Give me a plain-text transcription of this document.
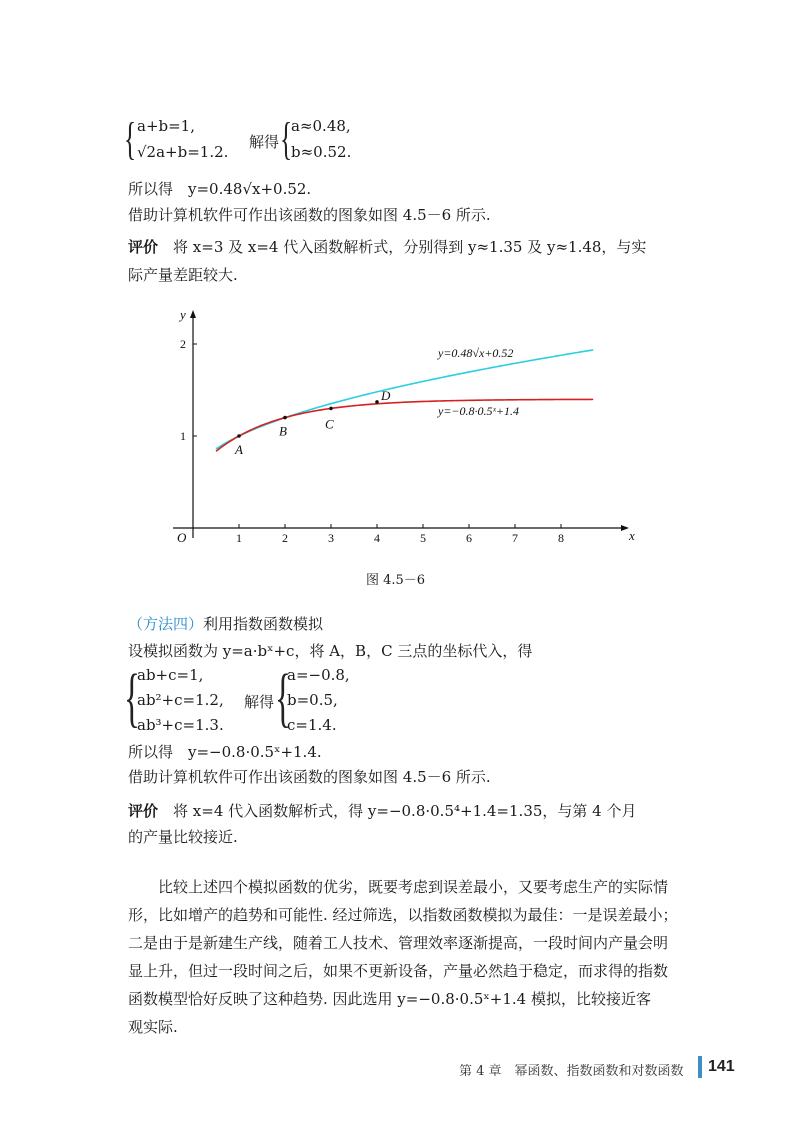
{ a+b=1,
√2a+b=1.2.
解得 {
a≈0.48,
b≈0.52.
所以得　y=0.48√x+0.52.
借助计算机软件可作出该函数的图象如图 4.5－6 所示.
评价　 将 x=3 及 x=4 代入函数解析式，分别得到 y≈1.35 及 y≈1.48，与实
际产量差距较大.
x
y
O	1	2	3	4	5	6	7	8
1
2
A
B	C
D
y=0.48√x+0.52
y=−0.8·0.5ˣ+1.4
图 4.5－6
（方法四）利用指数函数模拟
设模拟函数为 y=a·bˣ+c，将 A，B，C 三点的坐标代入，得
{
ab+c=1,
ab²+c=1.2,
ab³+c=1.3.
解得 {
a=−0.8,
b=0.5,
c=1.4.
所以得　y=−0.8·0.5ˣ+1.4.
借助计算机软件可作出该函数的图象如图 4.5－6 所示.
评价　 将 x=4 代入函数解析式，得 y=−0.8·0.5⁴+1.4=1.35，与第 4 个月
的产量比较接近.
比较上述四个模拟函数的优劣，既要考虑到误差最小，又要考虑生产的实际情
形，比如增产的趋势和可能性. 经过筛选，以指数函数模拟为最佳：一是误差最小；
二是由于是新建生产线，随着工人技术、管理效率逐渐提高，一段时间内产量会明
显上升，但过一段时间之后，如果不更新设备，产量必然趋于稳定，而求得的指数
函数模型恰好反映了这种趋势. 因此选用 y=−0.8·0.5ˣ+1.4 模拟，比较接近客
观实际.
第 4 章　幂函数、指数函数和对数函数 141
